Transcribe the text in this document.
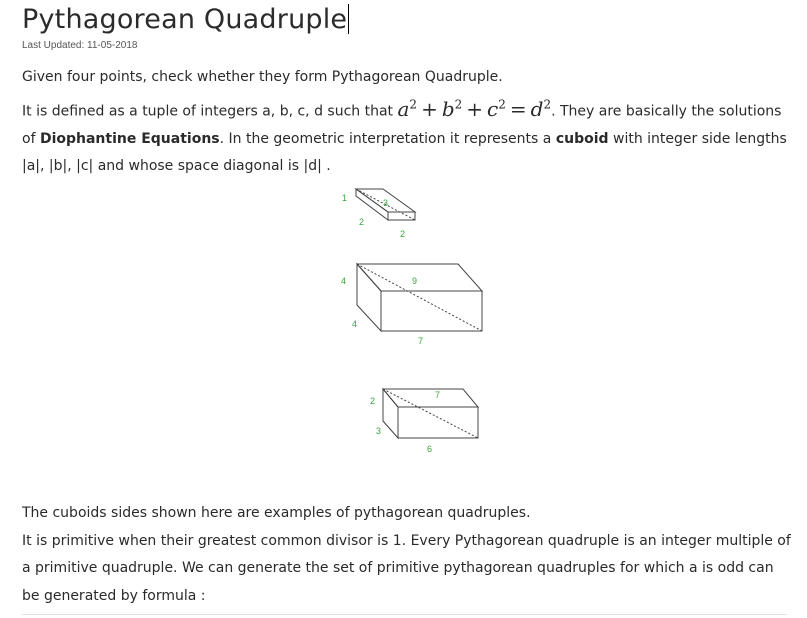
Pythagorean Quadruple
Last Updated: 11-05-2018
Given four points, check whether they form Pythagorean Quadruple.
It is defined as a tuple of integers a, b, c, d such that $a^2 + b^2 + c^2 = d^2$. They are basically the solutions of Diophantine Equations. In the geometric interpretation it represents a cuboid with integer side lengths |a|, |b|, |c| and whose space diagonal is |d| .
1	3
2
2
4	9
4
7
2
7
3
6
The cuboids sides shown here are examples of pythagorean quadruples.
It is primitive when their greatest common divisor is 1. Every Pythagorean quadruple is an integer multiple of a primitive quadruple. We can generate the set of primitive pythagorean quadruples for which a is odd can be generated by formula :
